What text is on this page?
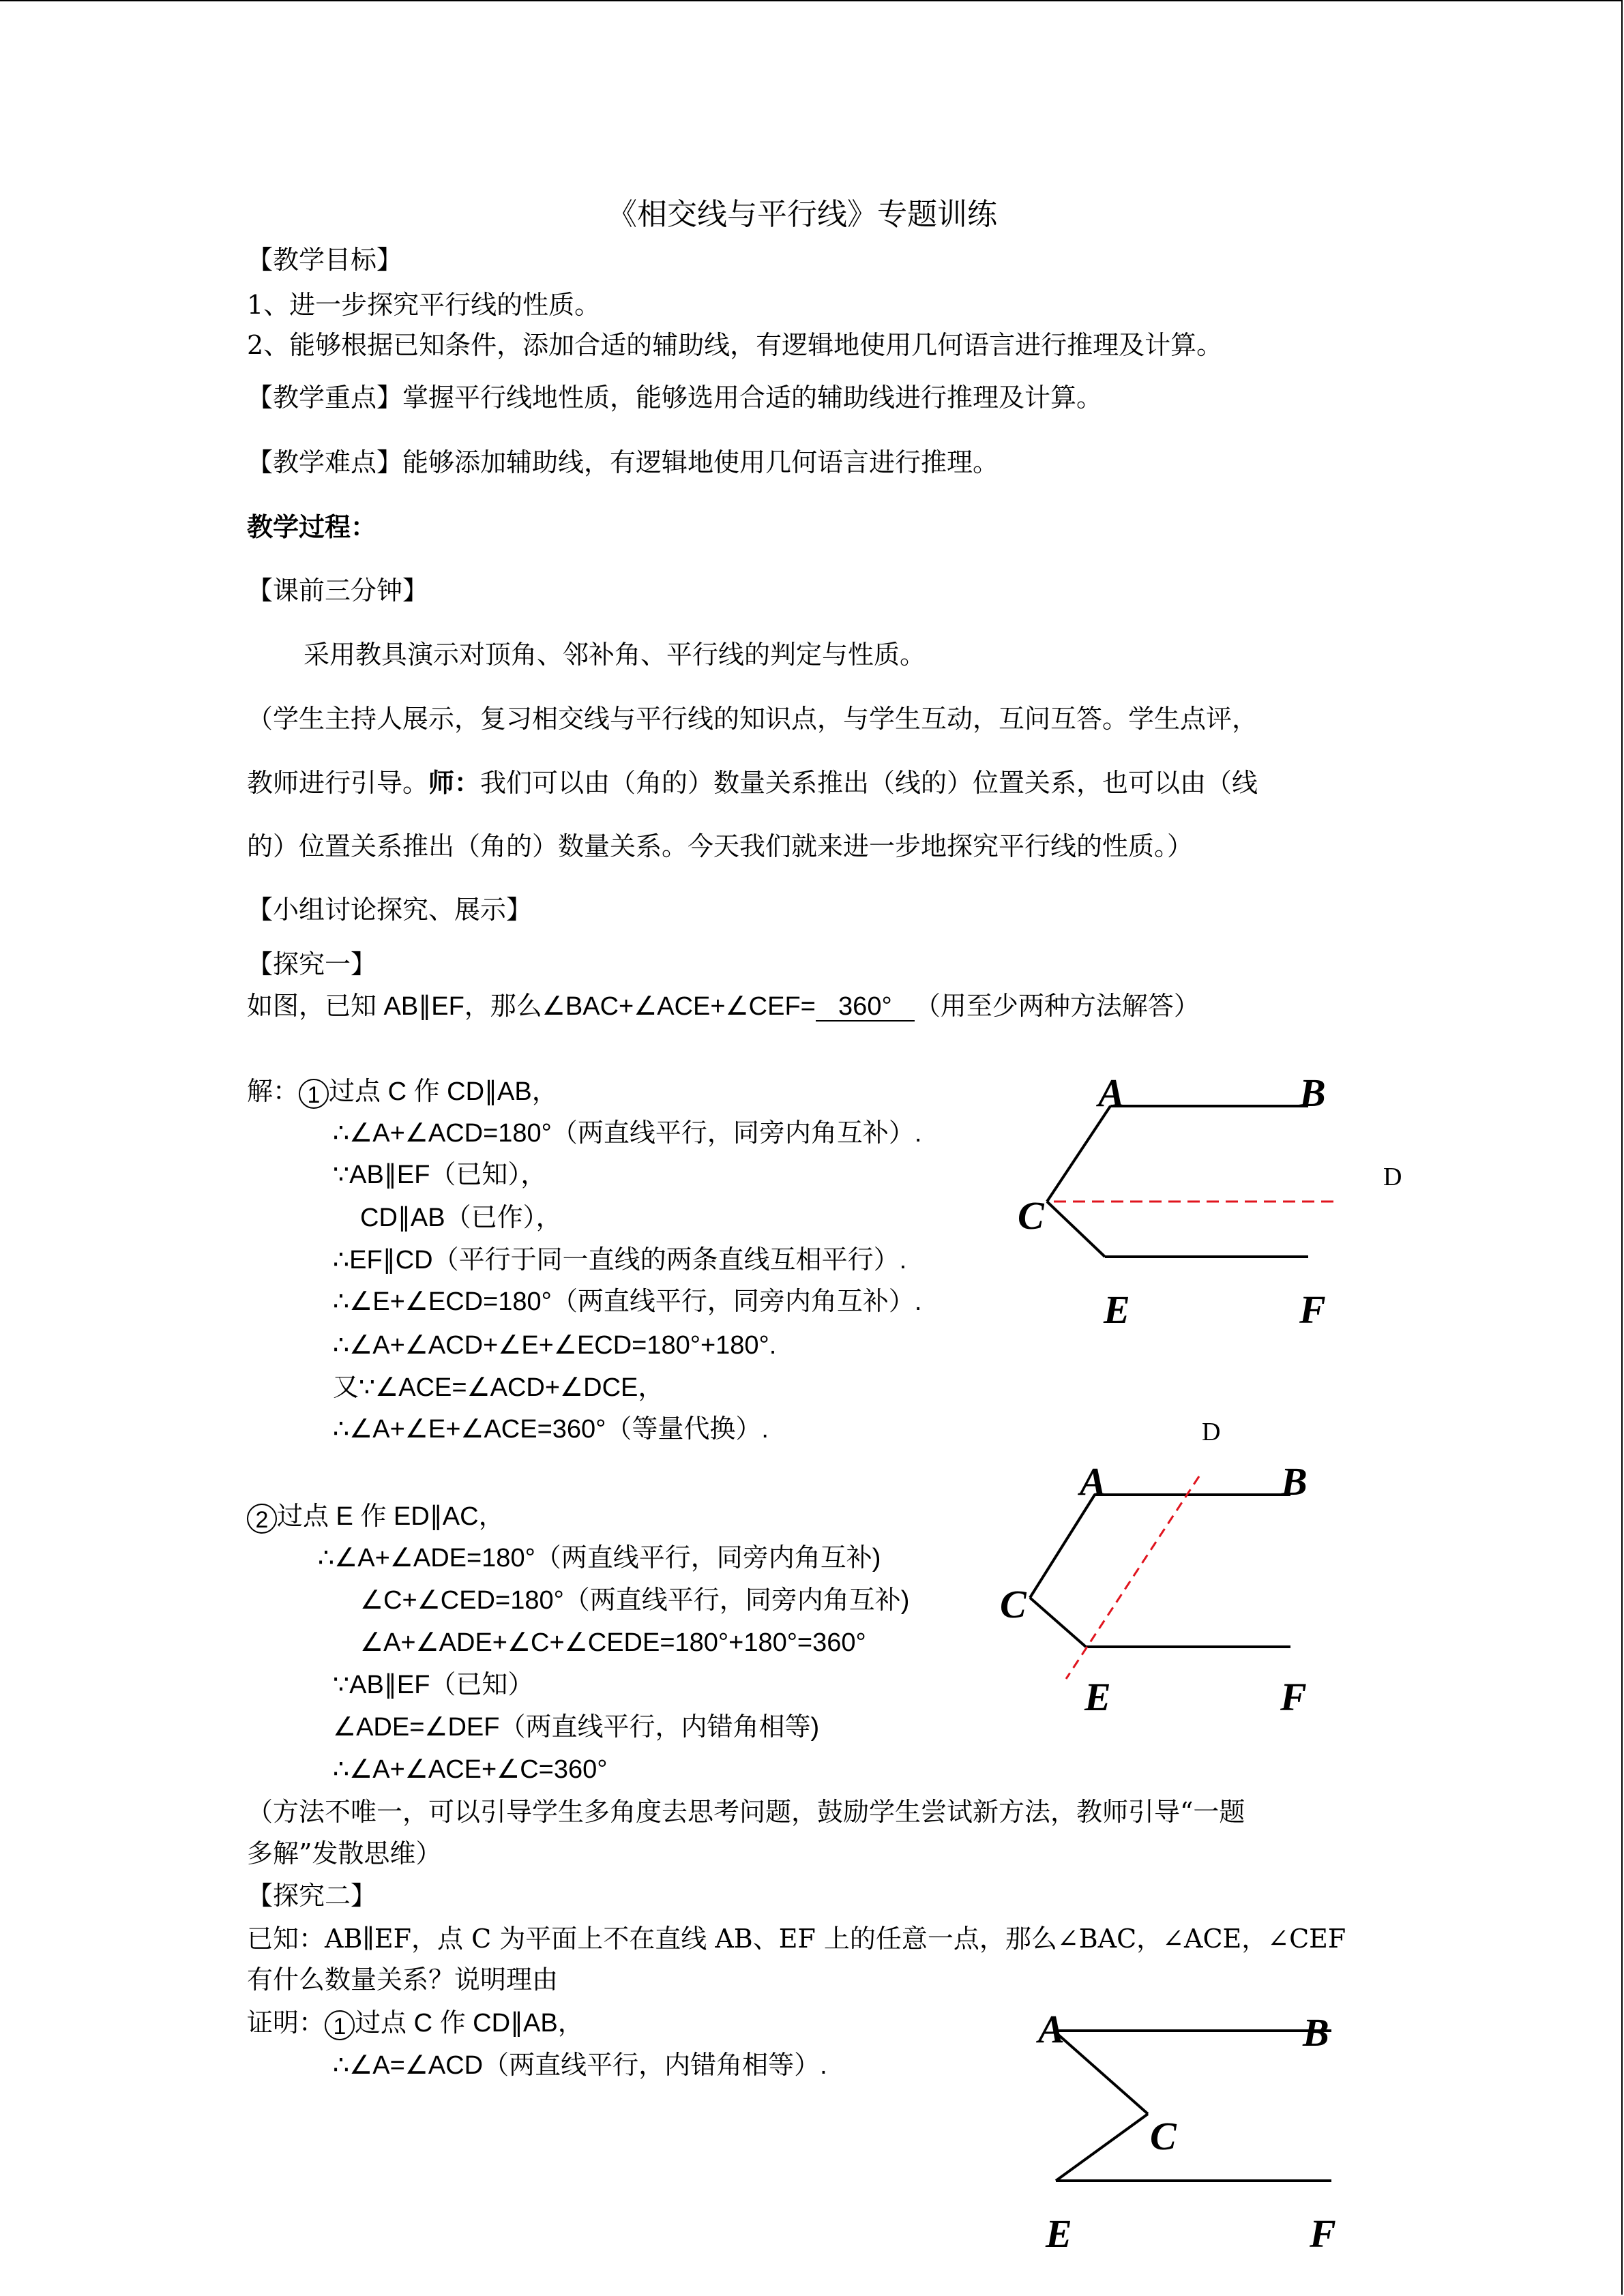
《相交线与平行线》专题训练
【教学目标】
1、进一步探究平行线的性质。
2、能够根据已知条件，添加合适的辅助线，有逻辑地使用几何语言进行推理及计算。
【教学重点】掌握平行线地性质，能够选用合适的辅助线进行推理及计算。
【教学难点】能够添加辅助线，有逻辑地使用几何语言进行推理。
教学过程：
【课前三分钟】
采用教具演示对顶角、邻补角、平行线的判定与性质。
（学生主持人展示，复习相交线与平行线的知识点，与学生互动，互问互答。学生点评，
教师进行引导。师：我们可以由（角的）数量关系推出（线的）位置关系，也可以由（线
的）位置关系推出（角的）数量关系。今天我们就来进一步地探究平行线的性质。）
【小组讨论探究、展示】
【探究一】
如图，已知 AB∥EF，那么∠BAC+∠ACE+∠CEF= 360° （用至少两种方法解答）
解： 1 过点 C 作 CD∥AB，
∴∠A+∠ACD=180°（两直线平行，同旁内角互补）.
∵AB∥EF（已知），
CD∥AB（已作），
∴EF∥CD（平行于同一直线的两条直线互相平行）.
∴∠E+∠ECD=180°（两直线平行，同旁内角互补）.
∴∠A+∠ACD+∠E+∠ECD=180°+180°.
又∵∠ACE=∠ACD+∠DCE，
∴∠A+∠E+∠ACE=360°（等量代换）.
2 过点 E 作 ED∥AC，
∴∠A+∠ADE=180°（两直线平行，同旁内角互补)
∠C+∠CED=180°（两直线平行，同旁内角互补)
∠A+∠ADE+∠C+∠CEDE=180°+180°=360°
∵AB∥EF（已知）
∠ADE=∠DEF（两直线平行，内错角相等)
∴∠A+∠ACE+∠C=360°
（方法不唯一，可以引导学生多角度去思考问题，鼓励学生尝试新方法，教师引导“一题
多解”发散思维）
【探究二】
已知：AB∥EF，点 C 为平面上不在直线 AB、EF 上的任意一点，那么∠BAC，∠ACE，∠CEF
有什么数量关系？说明理由
证明： 1 过点 C 作 CD∥AB，
∴∠A=∠ACD（两直线平行，内错角相等）.
A	B
C
E	F
D
A	B
C
E	F
D
A	B
C
E	F
